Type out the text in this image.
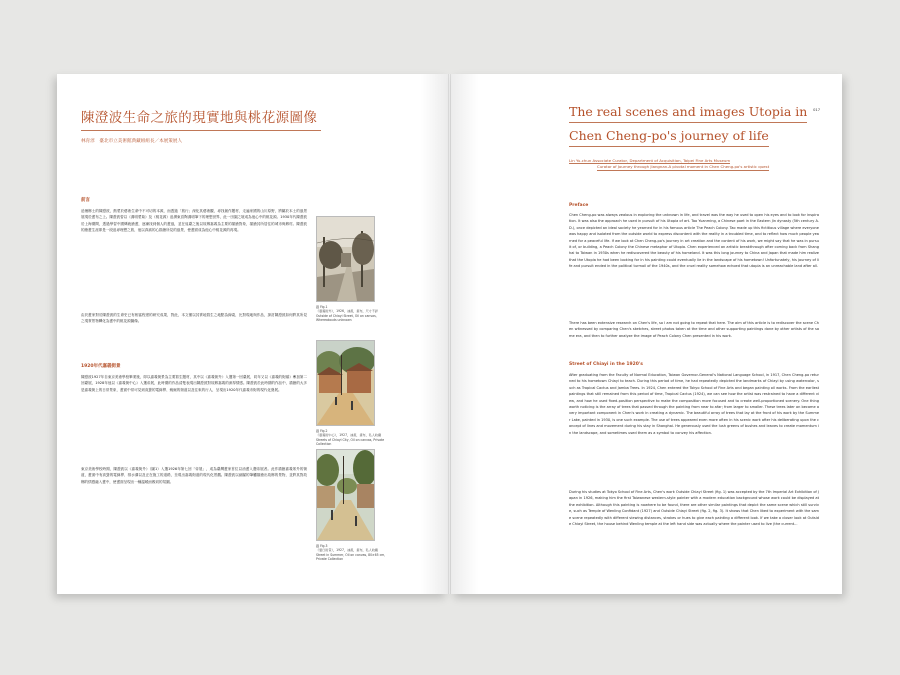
陳澄波生命之旅的現實地與桃花源圖像
林育淳　臺北市立美術館典藏組組長／本展策展人
前言
追懷鄉土的陳澄波，熱愛於藝術生命中不可切的本源，而透過「旅行」深化其藝術觀，尋找創作題材，走遍家國的山川原野，將屬於本土的風景展現於畫布之上。陳澄波曾以《淵明愛菊》及《桃花源》追溯東晉陶淵明筆下的理想世界，此一田園之境成為他心中的桃花源。1930年代陳澄波於上海期間，透過學習中國傳統繪畫，逐漸找到個人的畫風，並在返臺之後以故鄉嘉義為主要的描繪對象，描繪其所居住的城市與鄉村。陳澄波的繪畫生涯即是一段追尋理想之旅，他以真誠的心描繪所見的風景，使畫面成為他心中桃花源的再現。
由於畫家對於陳澄波的生命史已有相當程度的研究成果，對此，本文僅以其實地寫生之地點為線索，比對現地與作品，探討陳澄波如何將其所見之現實景物轉化為畫中的桃花源圖像。
1920年代嘉義街景
陳澄波1927年自東京美術學校畢業後，即以嘉義街景為主要寫生題材，其中以《嘉義街外》入選第一回臺展，同年又以《嘉義的街頭》參加第二回臺展，1928年他以《嘉義街中心》入選帝展，此時期的作品清楚表現出陳澄波對故鄉嘉義的深厚情感。陳澄波於此時期的作品中，描繪的大多是嘉義街上的日常景象，畫面中常可見到高聳的電線桿、蜿蜒的街道以及往來的行人，呈現出1920年代嘉義市街的現代化發展。
東京美術學校時期，陳澄波以《嘉義街外》（圖1）入選1926年第七回「帝展」，成為臺灣畫家首位以油畫入選帝展者。此作描繪嘉義郊外的街道，畫面中有高聳的電線桿、排水溝以及正在施工的道路，呈現出嘉義街道的現代化景觀。陳澄波以細膩的筆觸描繪出故鄉的景物，並將其對故鄉的情感融入畫中，使畫面呈現出一種溫暖而親切的氛圍。
圖 Fig.1
《嘉義街外》，1926，油畫，畫布，尺寸不詳
Outside of Chiayi Street, Oil on canvas, Whereabouts unknown
圖 Fig.2
《嘉義街中心》，1927，油畫，畫布，私人收藏
Streets of Chiayi City, Oil on canvas, Private Collection
圖 Fig.3
《夏日街景》，1927，油畫，畫布，私人收藏
Street in Summer, Oil on canvas, 80×65 cm, Private Collection
017
The real scenes and images Utopia in
Chen Cheng-po's journey of life
Lin Yu-chun Associate Curator, Department of Acquisition, Taipei Fine Arts Museum
Curator of Journey through Jiangnan-A pivotal moment in Chen Cheng-po's artistic quest
Preface
Chen Cheng-po was always zealous in exploring the unknown in life, and travel was the way he used to open his eyes and to look for inspiration. It was also the approach he used in pursuit of his Utopia of art. Tao Yuanming, a Chinese poet in the Eastern Jin dynasty (5th century A.D.), once depicted an ideal society he yearned for in his famous article The Peach Colony. Tao made up this fictitious village where everyone was happy and isolated from the outside world to express discontent with the reality in a troubled time, and to reflect how much people yearned for a peaceful life. If we look at Chen Cheng-po's journey in art creation and the content of his work, we might say that he was in pursuit of, or building, a Peach Colony the Chinese metaphor of Utopia. Chen experienced an artistic breakthrough after coming back from Shanghai to Taiwan in 1930s when he rediscovered the beauty of his homeland. It was this long journey to China and Japan that made him realize that the Utopia he had been looking for in his painting could eventually lie in the landscape of his hometown! Unfortunately, his journey of life and pursuit ended in the political turmoil of the 1940s, and the cruel reality somehow echoed that utopia is an unreachable land after all.
There has been extensive research on Chen's life, so I am not going to repeat that here. The aim of this article is to rediscover the scene Chen witnessed by comparing Chen's sketches, street photos taken at the time and other supporting paintings done by other artists of the same era, and then to further analyze the image of Peach Colony Chen presented in his work.
Street of Chiayi in the 1920's
After graduating from the Faculty of Normal Education, Taiwan Governor-General's National Language School, in 1917, Chen Cheng-po returned to his hometown Chiayi to teach. During this period of time, he had repeatedly depicted the landmarks of Chiayi by using watercolor, such as Tropical Cactus and Jamba Trees. In 1924, Chen entered the Tokyo School of Fine Arts and began painting oil works. From the earliest paintings that still remained from this period of time, Tropical Cactus (1924), we can see how the artist was restrained to have a different view, and how he used fixed-position perspective to make the composition more focused and to create well-proportioned scenery. One thing worth noticing is the array of trees that passed through the painting from near to afar; from larger to smaller. These trees later on became a very important component in Chen's work in creating a dynamic. The beautiful array of trees that lay at the front of his work by the Summer Lake, painted in 1930, is one such example. The use of trees appeared even more often in his scenic work after his deliberating upon the concept of lines and movement during his stay in Shanghai. He generously used the lush greens of bushes and leaves to create momentum in the landscape, and sometimes used them as a symbol to convey his affection.
During his studies at Tokyo School of Fine Arts, Chen's work Outside Chiayi Street (fig. 1) was accepted by the 7th Imperial Art Exhibition of Japan in 1926, making him the first Taiwanese western-style painter with a modern education background whose work could be displayed at the exhibition. Although this painting is nowhere to be found, there are other similar paintings that depict the same scene which still survive, such as Temple of Wenling Confidant (1927) and Outside Chiayi Street (fig. 2, fig. 3). It shows that Chen liked to experiment with the same scene repeatedly with different viewing distances, strokes or hues to give each painting a different look. If we take a closer look at Outside Chiayi Street, the house behind Wenling temple at the left hand side was actually where the painter used to live (the current...
